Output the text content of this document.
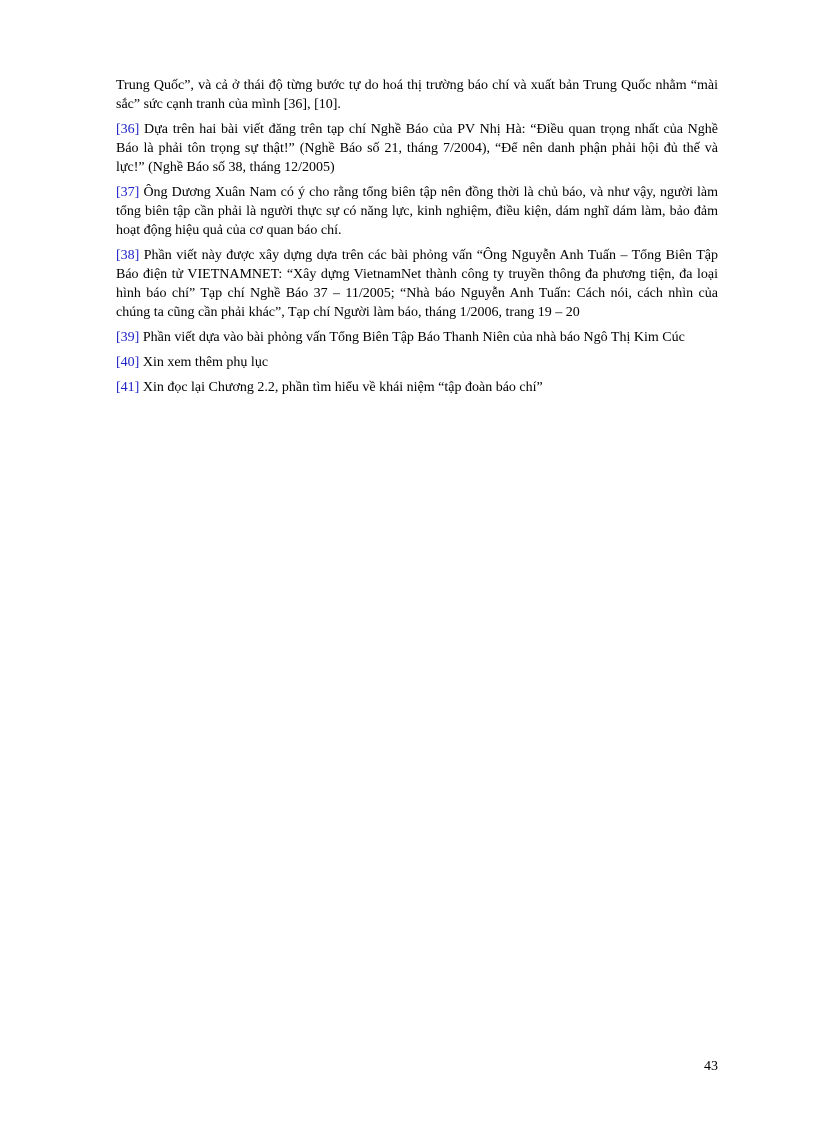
Trung Quốc”, và cả ở thái độ từng bước tự do hoá thị trường báo chí và xuất bản Trung Quốc nhằm “mài sắc” sức cạnh tranh của mình [36], [10].

[36] Dựa trên hai bài viết đăng trên tạp chí Nghề Báo của PV Nhị Hà: “Điều quan trọng nhất của Nghề Báo là phải tôn trọng sự thật!” (Nghề Báo số 21, tháng 7/2004), “Để nên danh phận phải hội đủ thế và lực!” (Nghề Báo số 38, tháng 12/2005)

[37] Ông Dương Xuân Nam có ý cho rằng tổng biên tập nên đồng thời là chủ báo, và như vậy, người làm tổng biên tập cần phải là người thực sự có năng lực, kinh nghiệm, điều kiện, dám nghĩ dám làm, bảo đảm hoạt động hiệu quả của cơ quan báo chí.

[38] Phần viết này được xây dựng dựa trên các bài phỏng vấn “Ông Nguyễn Anh Tuấn – Tổng Biên Tập Báo điện tử VIETNAMNET: “Xây dựng VietnamNet thành công ty truyền thông đa phương tiện, đa loại hình báo chí” Tạp chí Nghề Báo 37 – 11/2005; “Nhà báo Nguyễn Anh Tuấn: Cách nói, cách nhìn của chúng ta cũng cần phải khác”, Tạp chí Người làm báo, tháng 1/2006, trang 19 – 20

[39] Phần viết dựa vào bài phỏng vấn Tổng Biên Tập Báo Thanh Niên của nhà báo Ngô Thị Kim Cúc

[40] Xin xem thêm phụ lục

[41] Xin đọc lại Chương 2.2, phần tìm hiểu về khái niệm “tập đoàn báo chí”

43
